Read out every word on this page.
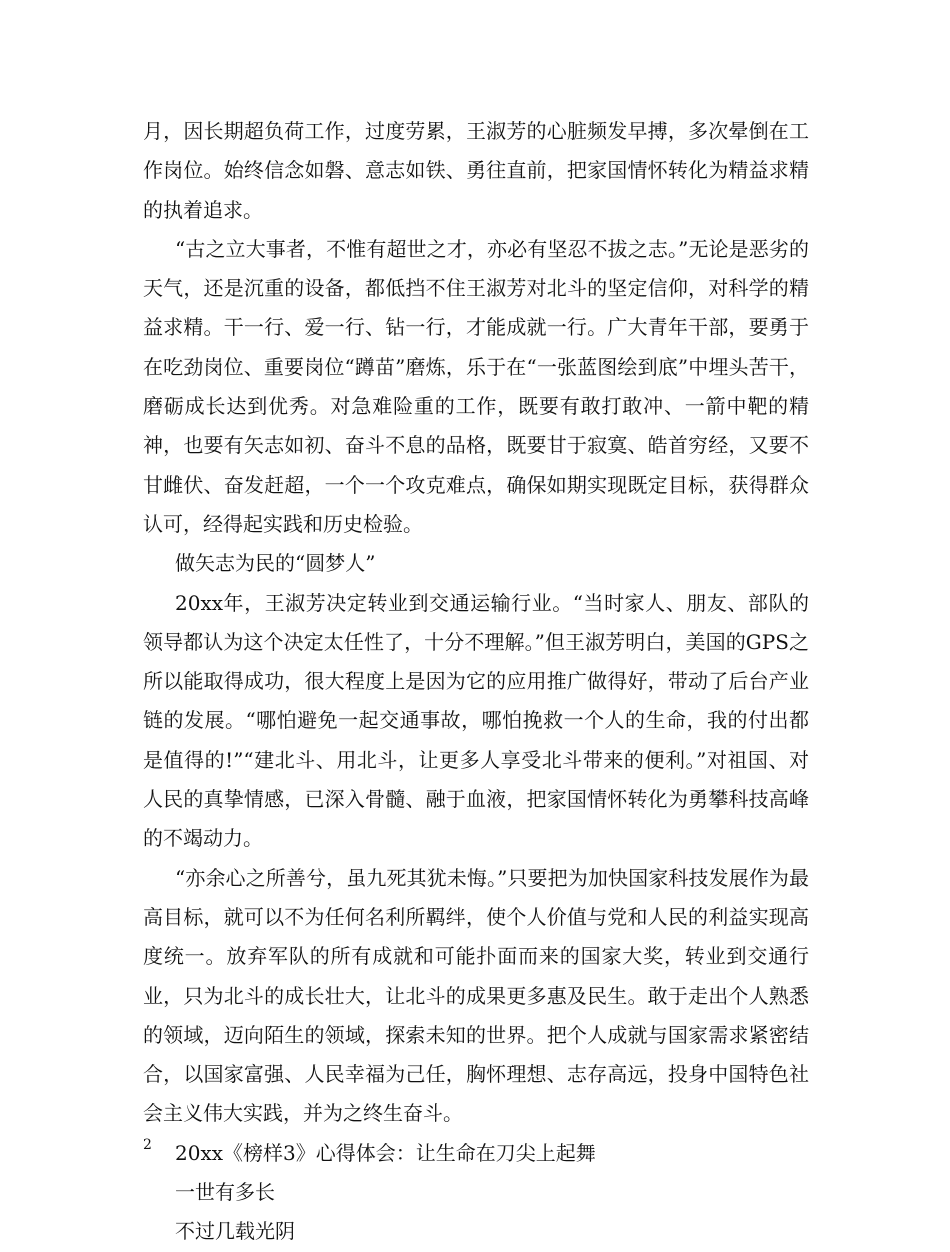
月，因长期超负荷工作，过度劳累，王淑芳的心脏频发早搏，多次晕倒在工作岗位。始终信念如磐、意志如铁、勇往直前，把家国情怀转化为精益求精的执着追求。

“古之立大事者，不惟有超世之才，亦必有坚忍不拔之志。”无论是恶劣的天气，还是沉重的设备，都低挡不住王淑芳对北斗的坚定信仰，对科学的精益求精。干一行、爱一行、钻一行，才能成就一行。广大青年干部，要勇于在吃劲岗位、重要岗位“蹲苗”磨炼，乐于在“一张蓝图绘到底”中埋头苦干，磨砺成长达到优秀。对急难险重的工作，既要有敢打敢冲、一箭中靶的精神，也要有矢志如初、奋斗不息的品格，既要甘于寂寞、皓首穷经，又要不甘雌伏、奋发赶超，一个一个攻克难点，确保如期实现既定目标，获得群众认可，经得起实践和历史检验。

做矢志为民的“圆梦人”

20xx年，王淑芳决定转业到交通运输行业。“当时家人、朋友、部队的领导都认为这个决定太任性了，十分不理解。”但王淑芳明白，美国的GPS之所以能取得成功，很大程度上是因为它的应用推广做得好，带动了后台产业链的发展。“哪怕避免一起交通事故，哪怕挽救一个人的生命，我的付出都是值得的!”“建北斗、用北斗，让更多人享受北斗带来的便利。”对祖国、对人民的真挚情感，已深入骨髓、融于血液，把家国情怀转化为勇攀科技高峰的不竭动力。

“亦余心之所善兮，虽九死其犹未悔。”只要把为加快国家科技发展作为最高目标，就可以不为任何名利所羁绊，使个人价值与党和人民的利益实现高度统一。放弃军队的所有成就和可能扑面而来的国家大奖，转业到交通行业，只为北斗的成长壮大，让北斗的成果更多惠及民生。敢于走出个人熟悉的领域，迈向陌生的领域，探索未知的世界。把个人成就与国家需求紧密结合，以国家富强、人民幸福为己任，胸怀理想、志存高远，投身中国特色社会主义伟大实践，并为之终生奋斗。

20xx《榜样3》心得体会：让生命在刀尖上起舞

一世有多长

不过几载光阴

2
